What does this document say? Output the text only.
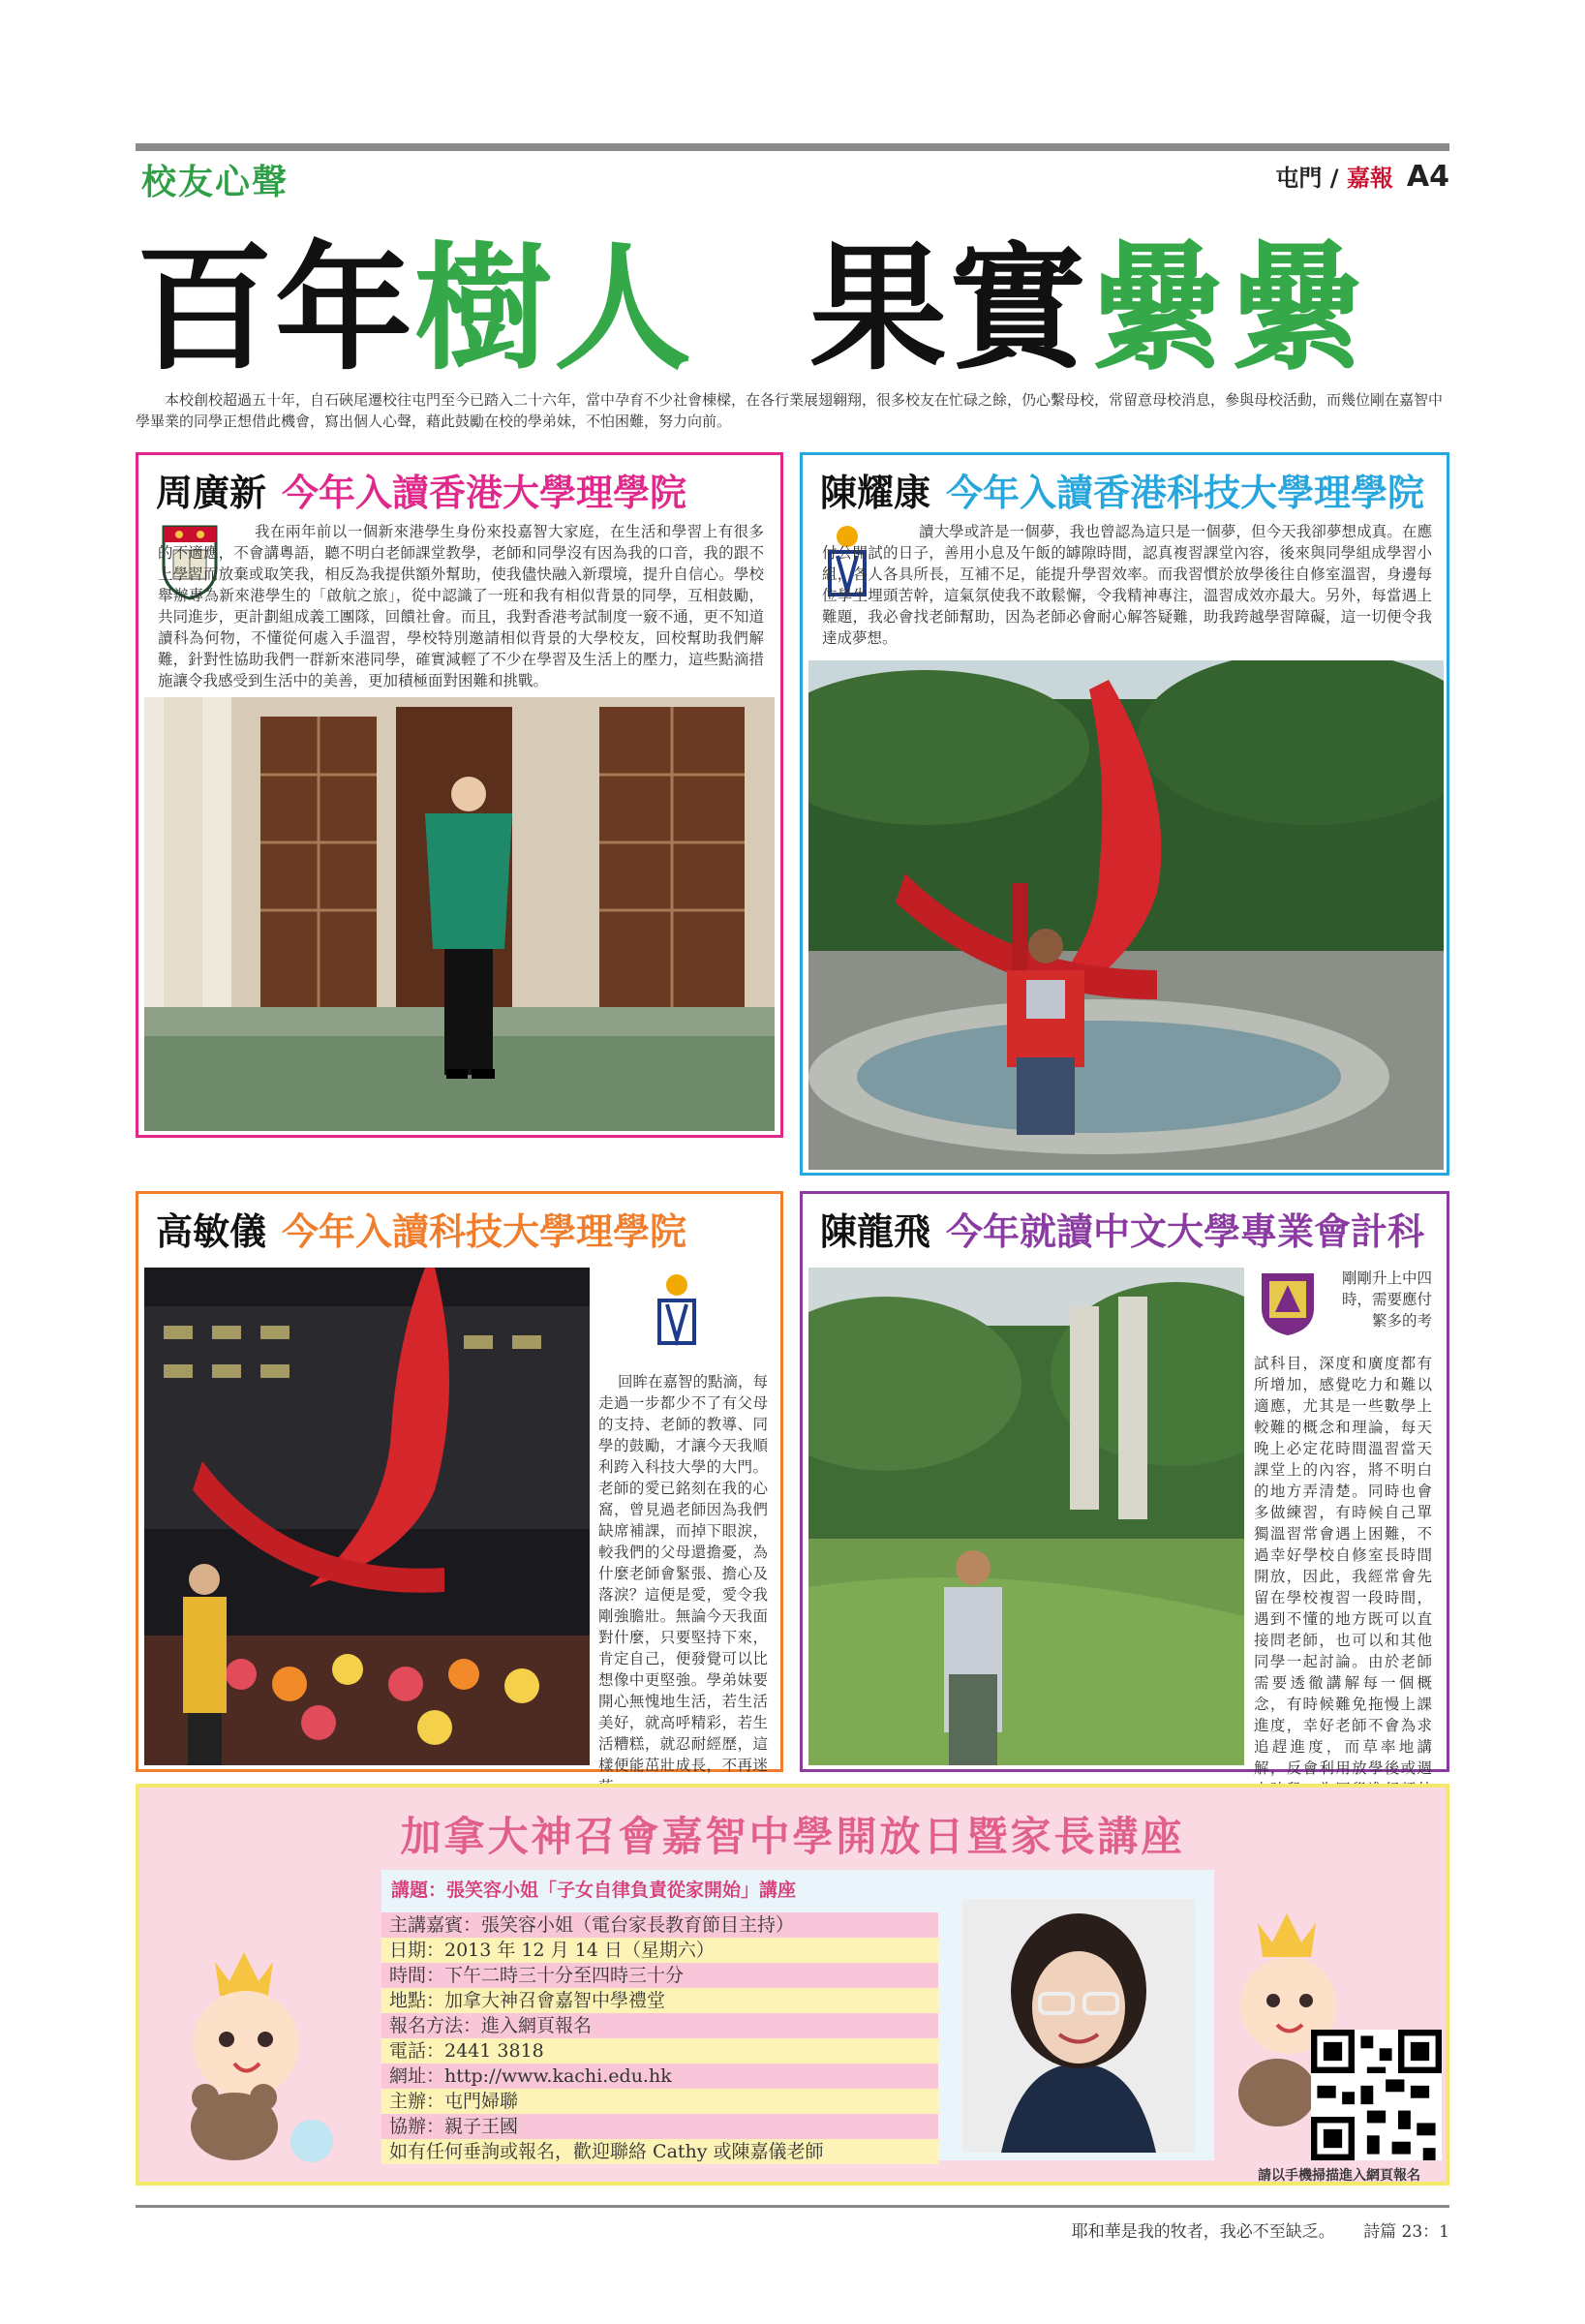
校友心聲	屯門 / 嘉報 A4
百年樹人 果實纍纍
本校創校超過五十年，自石硤尾遷校往屯門至今已踏入二十六年，當中孕育不少社會棟樑，在各行業展翅翱翔，很多校友在忙碌之餘，仍心繫母校，常留意母校消息，參與母校活動，而幾位剛在嘉智中學畢業的同學正想借此機會，寫出個人心聲，藉此鼓勵在校的學弟妹，不怕困難，努力向前。
周廣新 今年入讀香港大學理學院
我在兩年前以一個新來港學生身份來投嘉智大家庭，在生活和學習上有很多的不適應，不會講粵語，聽不明白老師課堂教學，老師和同學沒有因為我的口音，我的跟不上學習而放棄或取笑我，相反為我提供額外幫助，使我儘快融入新環境，提升自信心。學校舉辦專為新來港學生的「啟航之旅」，從中認識了一班和我有相似背景的同學，互相鼓勵，共同進步，更計劃組成義工團隊，回饋社會。而且，我對香港考試制度一竅不通，更不知道讀科為何物，不懂從何處入手溫習，學校特別邀請相似背景的大學校友，回校幫助我們解難，針對性協助我們一群新來港同學，確實減輕了不少在學習及生活上的壓力，這些點滴措施讓令我感受到生活中的美善，更加積極面對困難和挑戰。
陳耀康 今年入讀香港科技大學理學院
讀大學或許是一個夢，我也曾認為這只是一個夢，但今天我卻夢想成真。在應付公開試的日子，善用小息及午飯的罅隙時間，認真複習課堂內容，後來與同學組成學習小組，各人各具所長，互補不足，能提升學習效率。而我習慣於放學後往自修室溫習，身邊每位學生埋頭苦幹，這氣氛使我不敢鬆懈，令我精神專注，溫習成效亦最大。另外，每當遇上難題，我必會找老師幫助，因為老師必會耐心解答疑難，助我跨越學習障礙，這一切便令我達成夢想。
高敏儀 今年入讀科技大學理學院
回眸在嘉智的點滴，每走過一步都少不了有父母的支持、老師的教導、同學的鼓勵，才讓今天我順利跨入科技大學的大門。老師的愛已銘刻在我的心窩，曾見過老師因為我們缺席補課，而掉下眼淚，較我們的父母還擔憂，為什麼老師會緊張、擔心及落淚？這便是愛，愛令我剛強膽壯。無論今天我面對什麼，只要堅持下來，肯定自己，便發覺可以比想像中更堅強。學弟妹要開心無愧地生活，若生活美好，就高呼精彩，若生活糟糕，就忍耐經歷，這樣便能茁壯成長，不再迷
陳龍飛 今年就讀中文大學專業會計科
剛剛升上中四時，需要應付繁多的考
試科目，深度和廣度都有所增加，感覺吃力和難以適應，尤其是一些數學上較難的概念和理論，每天晚上必定花時間溫習當天課堂上的內容，將不明白的地方弄清楚。同時也會多做練習，有時候自己單獨溫習常會遇上困難，不過幸好學校自修室長時間開放，因此，我經常會先留在學校複習一段時間，遇到不懂的地方既可以直接問老師，也可以和其他同學一起討論。由於老師需要透徹講解每一個概念，有時候難免拖慢上課進度，幸好老師不會為求追趕進度，而草率地講解，反會利用放學後或週
加拿大神召會嘉智中學開放日暨家長講座
講題：張笑容小姐「子女自律負責從家開始」講座
主講嘉賓：張笑容小姐（電台家長教育節目主持）
日期：2013 年 12 月 14 日（星期六）
時間：下午二時三十分至四時三十分
地點：加拿大神召會嘉智中學禮堂
報名方法：進入網頁報名
電話：2441 3818
網址：http://www.kachi.edu.hk
主辦：屯門婦聯
協辦：親子王國
如有任何垂詢或報名，歡迎聯絡 Cathy 或陳嘉儀老師
請以手機掃描進入網頁報名
耶和華是我的牧者，我必不至缺乏。 詩篇 23：1
